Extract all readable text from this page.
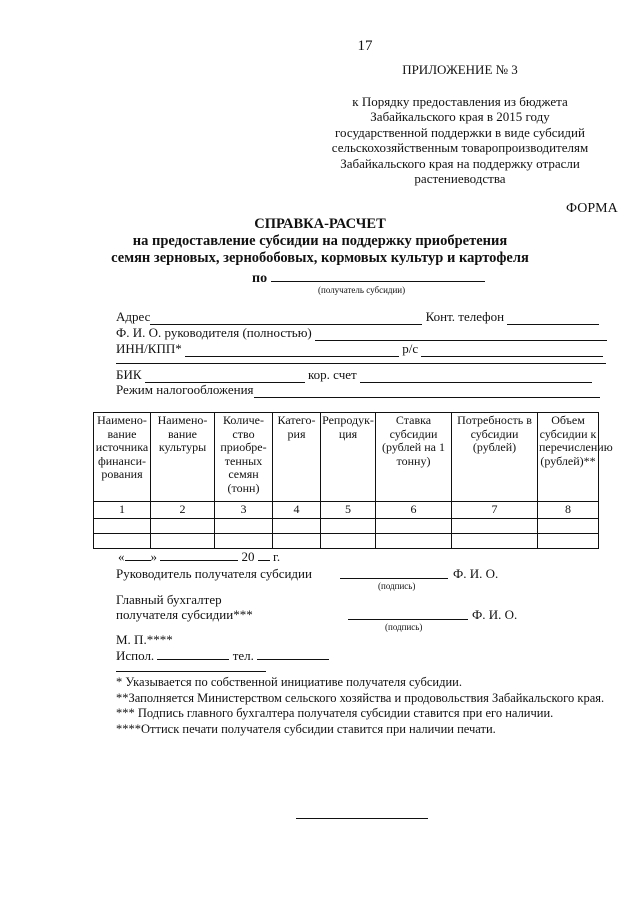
17
ПРИЛОЖЕНИЕ № 3
к Порядку предоставления из бюджета
Забайкальского края в 2015 году
государственной поддержки в виде субсидий
сельскохозяйственным товаропроизводителям
Забайкальского края на поддержку отрасли
растениеводства
ФОРМА
СПРАВКА-РАСЧЕТ
на предоставление субсидии на поддержку приобретения
семян зерновых, зернобобовых, кормовых культур и картофеля
по
(получатель субсидии)
Адрес	Конт. телефон
Ф. И. О. руководителя (полностью)
ИНН/КПП*	р/с
БИК	кор. счет
Режим налогообложения
Наимено-вание источника финанси-рования	Наимено-вание культуры	Количе-ство приобре-тенных семян (тонн)	Катего-рия	Репродук-ция	Ставка субсидии (рублей на 1 тонну)	Потребность в субсидии (рублей)	Объем субсидии к перечислению (рублей)**
1	2	3	4	5	6	7	8

« »	20 г.
Руководитель получателя субсидии	Ф. И. О.
(подпись)
Главный бухгалтер
получателя субсидии***	Ф. И. О.
(подпись)
М. П.****
Испол.	тел.
* Указывается по собственной инициативе получателя субсидии.
**Заполняется Министерством сельского хозяйства и продовольствия Забайкальского края.
*** Подпись главного бухгалтера получателя субсидии ставится при его наличии.
****Оттиск печати получателя субсидии ставится при наличии печати.
